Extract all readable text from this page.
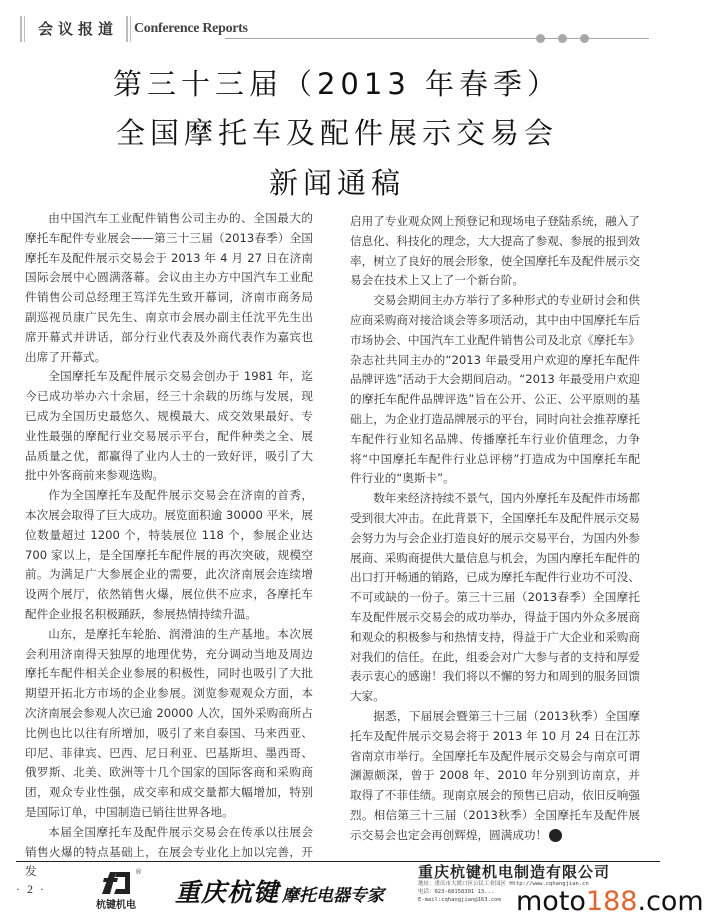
会议报道 Conference Reports
第三十三届（2013 年春季）
全国摩托车及配件展示交易会
新闻通稿

由中国汽车工业配件销售公司主办的、全国最大的摩托车配件专业展会——第三十三届（2013春季）全国摩托车及配件展示交易会于 2013 年 4 月 27 日在济南国际会展中心圆满落幕。会议由主办方中国汽车工业配件销售公司总经理王笃洋先生致开幕词，济南市商务局副巡视员康广民先生、南京市会展办副主任沈平先生出席开幕式并讲话，部分行业代表及外商代表作为嘉宾也出席了开幕式。

全国摩托车及配件展示交易会创办于 1981 年，迄今已成功举办六十余届，经三十余载的历练与发展，现已成为全国历史最悠久、规模最大、成交效果最好、专业性最强的摩配行业交易展示平台，配件种类之全、展品质量之优，都赢得了业内人士的一致好评，吸引了大批中外客商前来参观选购。

作为全国摩托车及配件展示交易会在济南的首秀，本次展会取得了巨大成功。展览面积逾 30000 平米，展位数量超过 1200 个，特装展位 118 个，参展企业达 700 家以上，是全国摩托车配件展的再次突破，规模空前。为满足广大参展企业的需要，此次济南展会连续增设两个展厅，依然销售火爆，展位供不应求，各摩托车配件企业报名积极踊跃，参展热情持续升温。

山东，是摩托车轮胎、润滑油的生产基地。本次展会利用济南得天独厚的地理优势，充分调动当地及周边摩托车配件相关企业参展的积极性，同时也吸引了大批期望开拓北方市场的企业参展。浏览参观观众方面，本次济南展会参观人次已逾 20000 人次，国外采购商所占比例也比以往有所增加，吸引了来自泰国、马来西亚、印尼、菲律宾、巴西、尼日利亚、巴基斯坦、墨西哥、俄罗斯、北美、欧洲等十几个国家的国际客商和采购商团，观众专业性强，成交率和成交量都大幅增加，特别是国际订单，中国制造已销往世界各地。

本届全国摩托车及配件展示交易会在传承以往展会销售火爆的特点基础上，在展会专业化上加以完善，开发

启用了专业观众网上预登记和现场电子登陆系统，融入了信息化、科技化的理念，大大提高了参观、参展的报到效率，树立了良好的展会形象，使全国摩托车及配件展示交易会在技术上又上了一个新台阶。

交易会期间主办方举行了多种形式的专业研讨会和供应商采购商对接洽谈会等多项活动，其中由中国摩托车后市场协会、中国汽车工业配件销售公司及北京《摩托车》杂志社共同主办的“2013 年最受用户欢迎的摩托车配件品牌评选”活动于大会期间启动。“2013 年最受用户欢迎的摩托车配件品牌评选”旨在公开、公正、公平原则的基础上，为企业打造品牌展示的平台，同时向社会推荐摩托车配件行业知名品牌、传播摩托车行业价值理念，力争将“中国摩托车配件行业总评榜”打造成为中国摩托车配件行业的“奥斯卡”。

数年来经济持续不景气，国内外摩托车及配件市场都受到很大冲击。在此背景下，全国摩托车及配件展示交易会努力为与会企业打造良好的展示交易平台，为国内外参展商、采购商提供大量信息与机会，为国内摩托车配件的出口打开畅通的销路，已成为摩托车配件行业功不可没、不可或缺的一份子。第三十三届（2013春季）全国摩托车及配件展示交易会的成功举办，得益于国内外众多展商和观众的积极参与和热情支持，得益于广大企业和采购商对我们的信任。在此，组委会对广大参与者的支持和厚爱表示衷心的感谢！我们将以不懈的努力和周到的服务回馈大家。

据悉，下届展会暨第三十三届（2013秋季）全国摩托车及配件展示交易会将于 2013 年 10 月 24 日在江苏省南京市举行。全国摩托车及配件展示交易会与南京可谓渊源颇深，曾于 2008 年、2010 年分别到访南京，并取得了不菲佳绩。现南京展会的预售已启动，依旧反响强烈。相信第三十三届（2013秋季）全国摩托车及配件展示交易会也定会再创辉煌，圆满成功！	M

· 2 ·
®
杭键机电	重庆杭键 摩托电器专家
重庆杭键机电制造有限公司
地址：重庆市大渡口区公民工业园区 Http://www.cqhangjian.cn
电话：023-68158301 13...
E-mail:cqhangjian@163.com moto188.com
